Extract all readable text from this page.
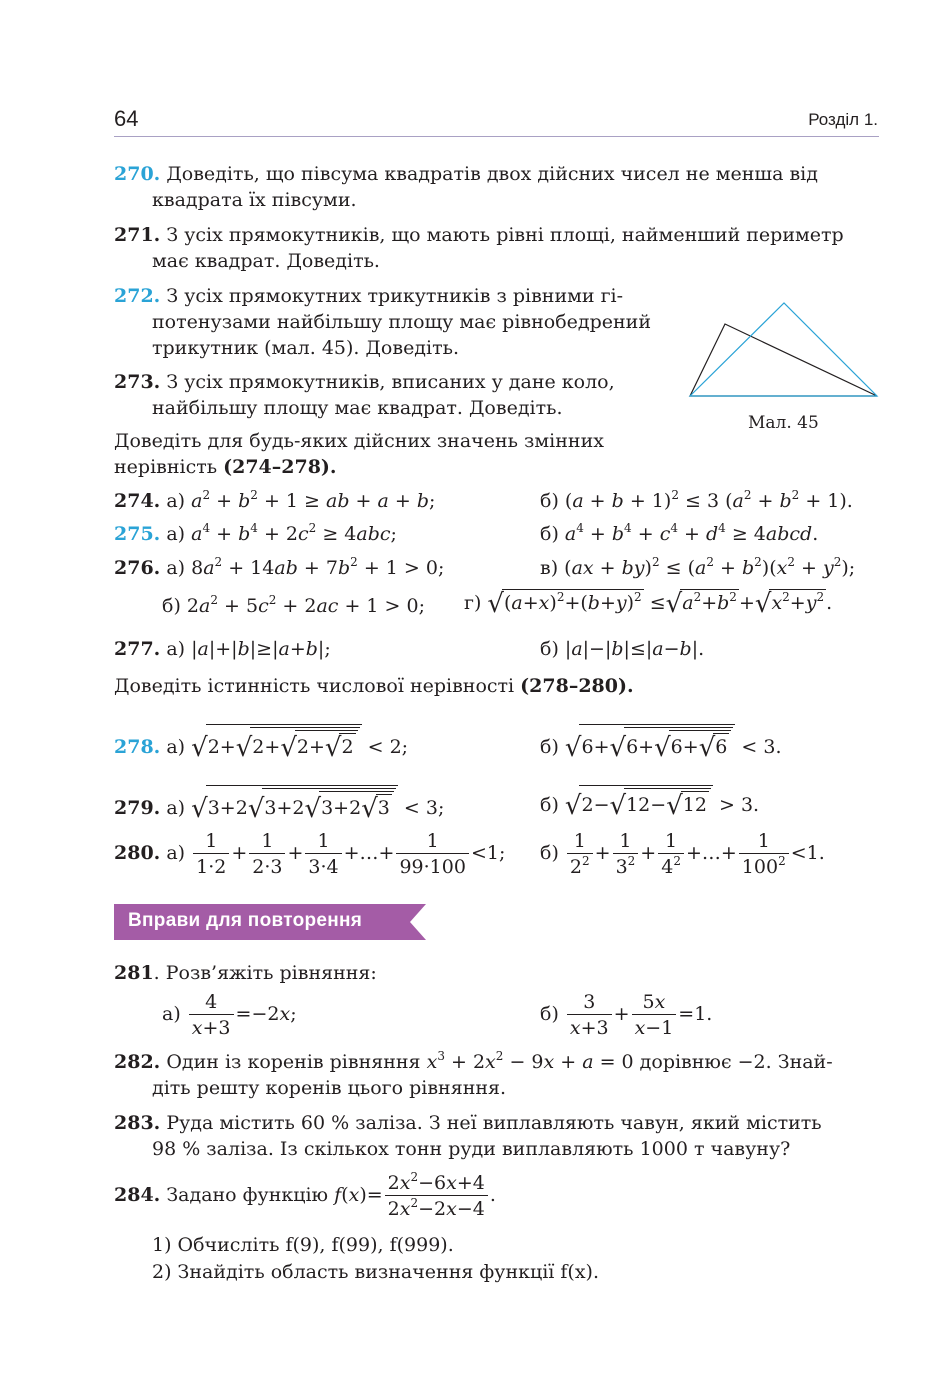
64	Розділ 1.
270. Доведіть, що півсума квадратів двох дійсних чисел не менша від
квадрата їх півсуми.
271. З усіх прямокутників, що мають рівні площі, найменший периметр
має квадрат. Доведіть.
272. З усіх прямокутних трикутників з рівними гі-
потенузами найбільшу площу має рівнобедрений
трикутник (мал. 45). Доведіть.
273. З усіх прямокутників, вписаних у дане коло,
найбільшу площу має квадрат. Доведіть.
Мал. 45
Доведіть для будь-яких дійсних значень змінних
нерівність (274–278).
274. а) $a^2 + b^2 + 1$ ≥ ab + a + b;	б) $(a + b + 1)^2 \le 3$ $(a^2 + b^2 + 1)$.
275. а) $a^4 + b^4 + 2c^2 \ge 4abc$;	б) $a^4 + b^4 + c^4 + d^4$ ≥ 4abcd.
276. а) $8a^2 + 14ab + 7b^2 + 1 > 0$;	в) $(ax + by)^2 \le (a^2 + b^2)(x^2 + y^2)$;
б) $2a^2 + 5c^2 + 2ac + 1 > 0$; г) $√(a+x)^2+(b+y)^2 \le√a^2+b^2 +√x^2+y^2$ .
277. а) |a|+|b|≥|a+b|;	б) |a|−|b|≤|a−b|.
Доведіть істинність числової нерівності (278–280).
278. а) √2+√2+√2+√2 < 2;	б) √6+√6+√6+√6 < 3.
279. а) √3+2√3+2√3+2√3 < 3;	б) √2−√12−√12 > 3.
280. $а) \frac{1}{1\cdot 2} + \frac{1}{2\cdot 3} + \frac{1}{3\cdot 4}$ +…+ $\frac{1}{99\cdot 100} <1$; $б) \frac{1}{2^2} + \frac{1}{3^2} + \frac{1}{4^2}$ +…+ $\frac{1}{100^2} <1$.
Вправи для повторення
281. Розв’яжіть рівняння:
$а) \frac{4}{x+3} =-2x$;	$б) \frac{3}{x+3} + \frac{5x}{x-1} =1$.
282. Один із коренів рівняння $x^3 + 2x^2 - 9x + a = 0$ дорівнює −2. Знай-
діть решту коренів цього рівняння.
283. Руда містить 60 % заліза. З неї виплавляють чавун, який містить
98 % заліза. Із скількох тонн руди виплавляють 1000 т чавуну?
284. Задано функцію $f(x)= \frac{2x^2-6x+4}{2x^2-2x-4}$ .
1) Обчисліть f(9), f(99), f(999).
2) Знайдіть область визначення функції f(x).
